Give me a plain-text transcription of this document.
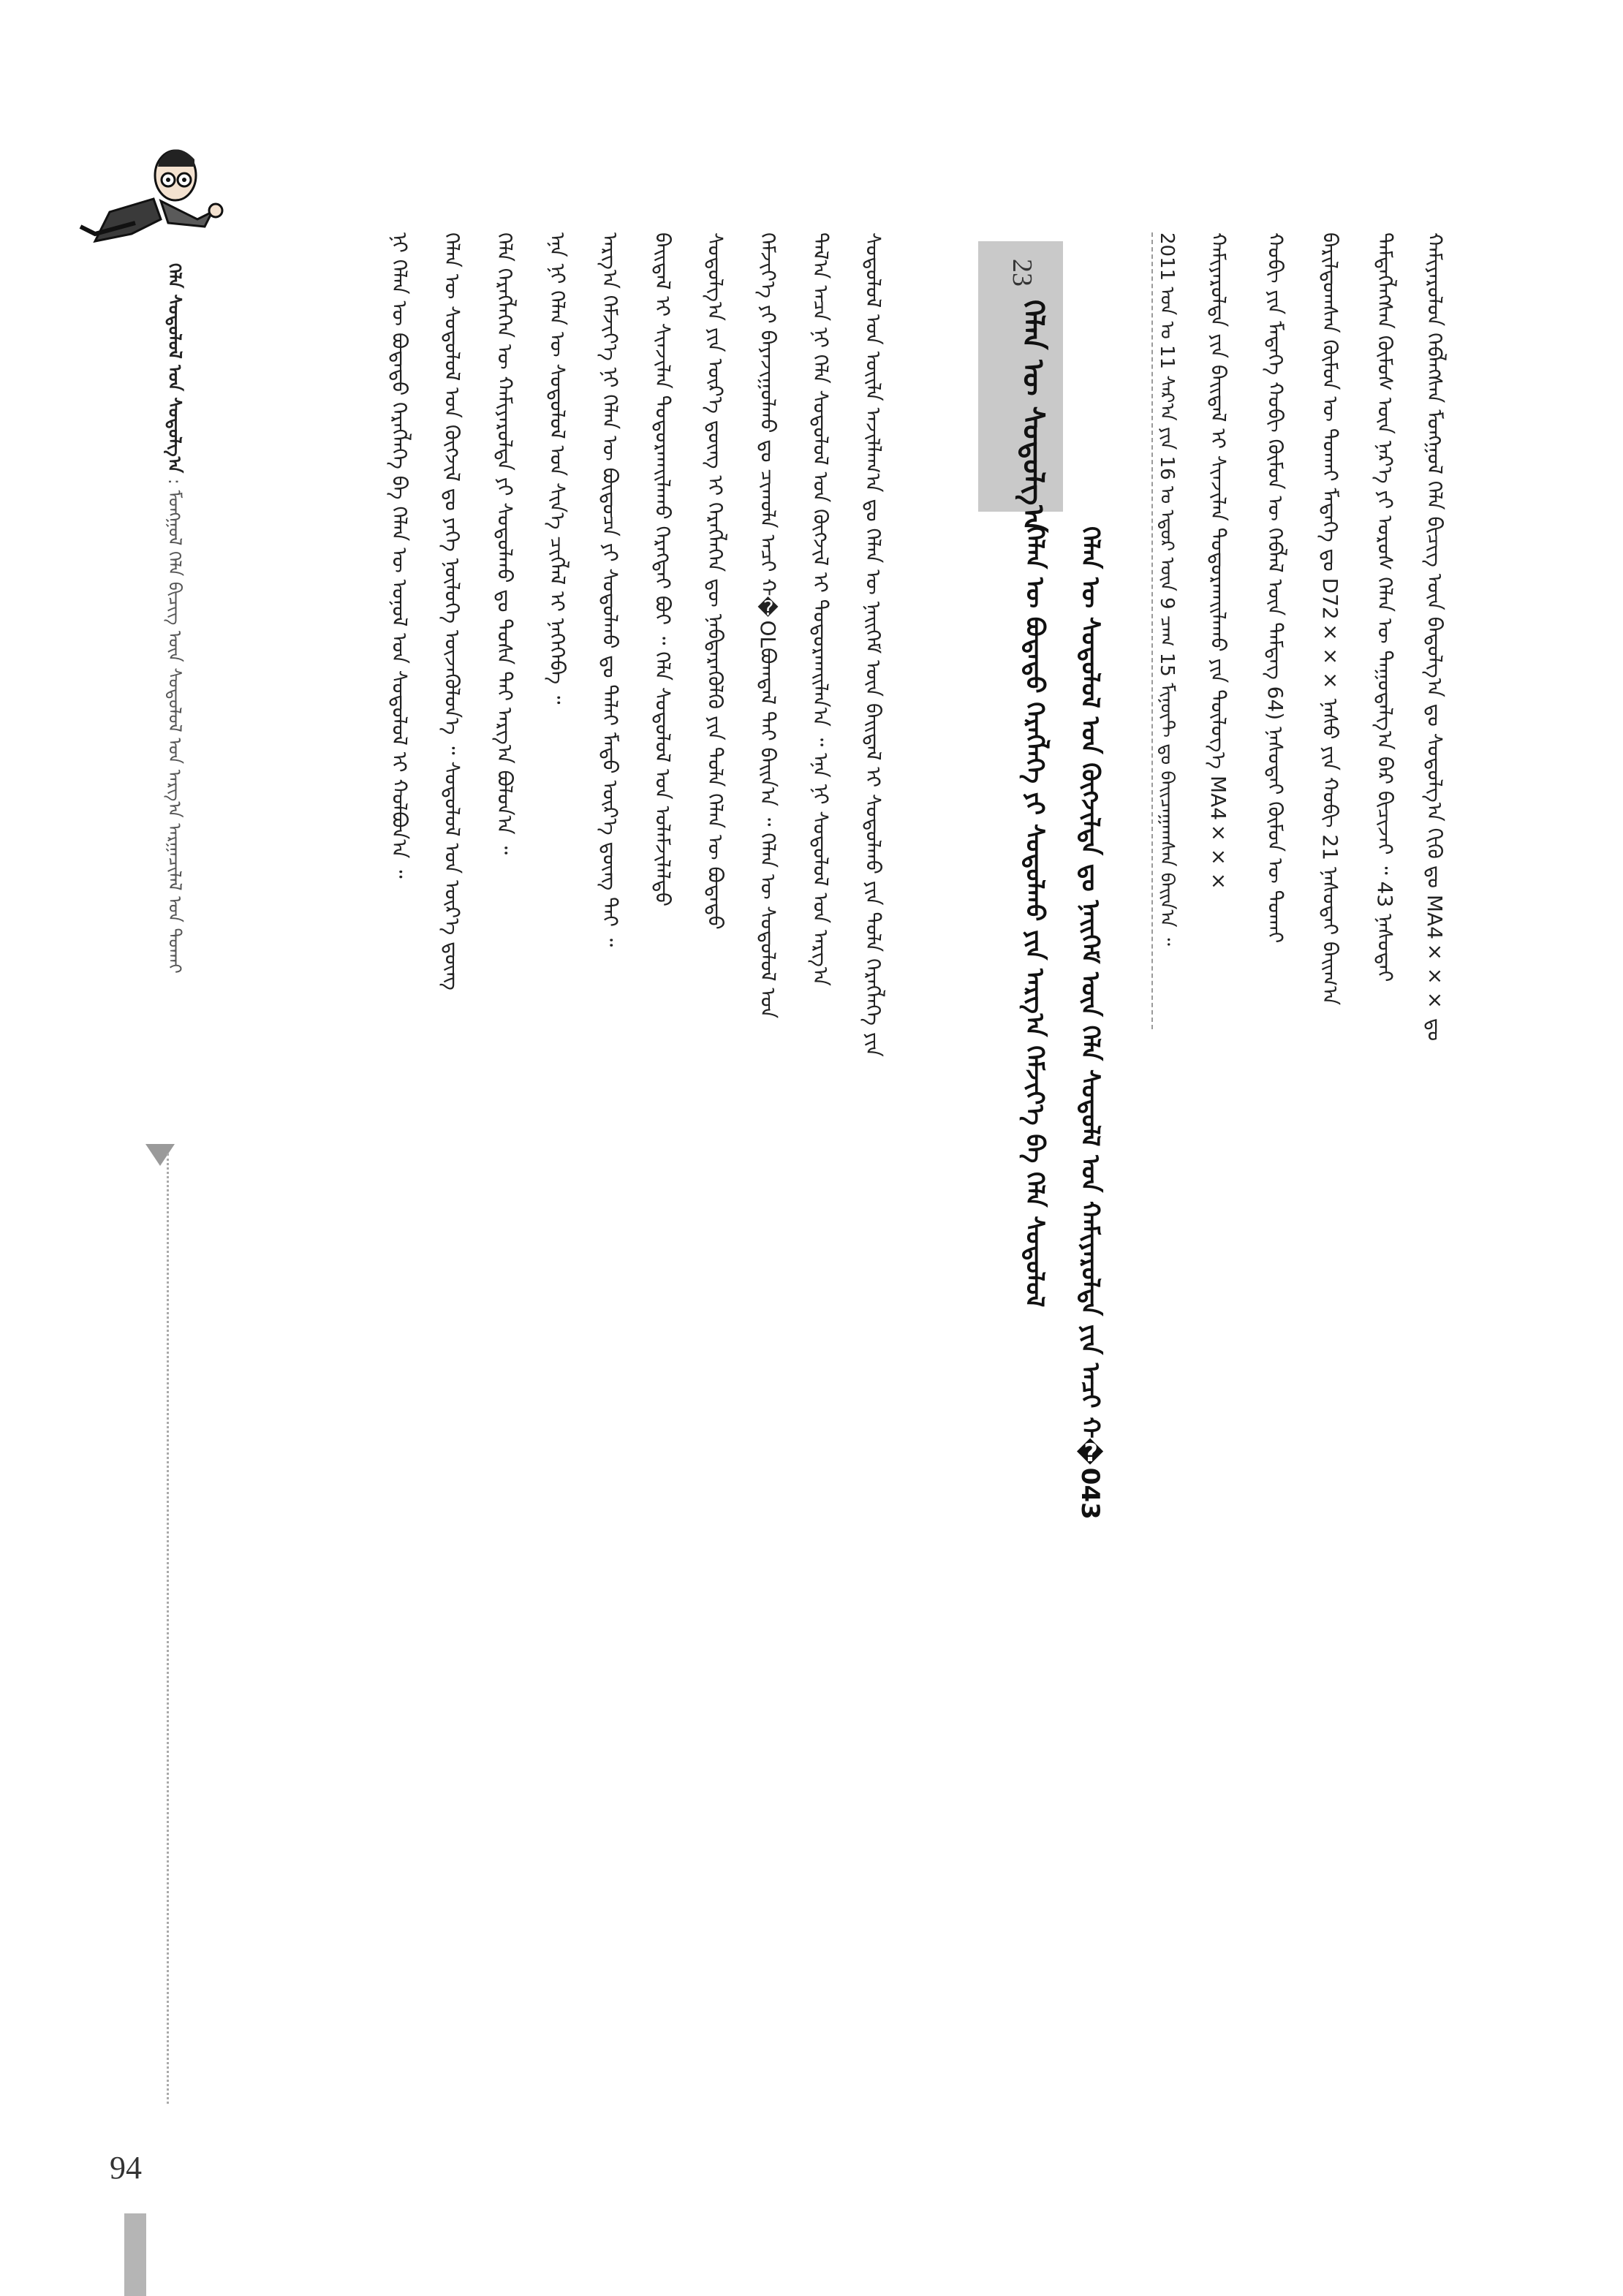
ᠬᠠᠮᠢᠶᠠᠷᠤᠯᠤᠨ ᠬᠡᠪᠯᠡᠭᠰᠡᠨ ᠮᠣᠩᠭᠣᠯ ᠬᠡᠯᠡ ᠪᠢᠴᠢᠭ ᠦᠨ ᠪᠠᠳᠤᠯᠭ᠎ᠠ ᠳᠤ ᠰᠤᠳᠤᠯᠭ᠎ᠠ ᠬᠢᠬᠦ ᠳᠤ MA4××× ᠳᠤ
ᠲᠡᠮᠳᠡᠭᠯᠡᠭᠰᠡᠨ ᠬᠦᠮᠦᠰ ᠦᠨ ᠨᠡᠷ᠎ᠡ ᠶᠢ ᠤᠷᠤᠰ ᠬᠡᠯᠡᠨ ᠦ ᠳᠠᠭᠤᠳᠠᠯᠭ᠎ᠠ ᠪᠠᠷ ᠪᠢᠴᠢᠵᠡᠢ ᠃ 43 ᠨᠠᠰᠤᠲᠠᠢ
ᠪᠠᠷᠢᠯᠳᠤᠭᠰᠠᠨ ᠬᠦᠮᠦᠨ ᠦ ᠲᠤᠬᠠᠢ ᠮᠡᠳᠡᠭᠡ ᠳᠤ D72××× ᠨᠠᠰᠤ ᠶᠢᠨ ᠬᠤᠪᠢ 21 ᠨᠠᠰᠤᠲᠠᠢ ᠪᠠᠢᠭ᠎ᠠ
ᠬᠤᠪᠢ ᠶᠢᠨ ᠮᠡᠳᠡᠭᠡ ᠬᠤᠪᠢ ᠬᠦᠮᠦᠨ ᠦ ᠬᠡᠪᠯᠡᠯ ᠦᠨ ᠲᠡᠮᠳᠡᠭ 64) ᠨᠠᠰᠤᠲᠠᠢ ᠬᠦᠮᠦᠨ ᠦ ᠲᠤᠬᠠᠢ
ᠬᠠᠮᠢᠶᠠᠷᠤᠯᠲᠠ ᠶᠢᠨ ᠪᠠᠢᠳᠠᠯ ᠢ ᠰᠢᠨᠵᠢᠯᠡᠨ ᠲᠣᠳᠤᠷᠬᠠᠢᠯᠠᠬᠤ ᠶᠢᠨ ᠲᠥᠯᠥᠭ᠎ᠡ MA4×××
2011 ᠣᠨ ᠤ 11 ᠰᠠᠷ᠎ᠠ ᠶᠢᠨ 16 ᠤ ᠡᠳᠦᠷ ᠦᠨ 9 ᠴᠠᠭ 15 ᠮᠢᠨᠦ᠋ᠲ ᠳᠤ ᠪᠠᠢᠴᠠᠭᠠᠭᠰᠠᠨ ᠪᠠᠢᠨ᠎ᠠ ᠃
ᠬᠡᠯᠡᠨ ᠦ ᠰᠤᠳᠤᠯᠤᠯ ᠤᠨ ᠬᠥᠭᠵᠢᠯᠲᠡ ᠳᠤ ᠨᠡᠢᠭᠡᠮ ᠦᠨ ᠬᠡᠯᠡ ᠰᠤᠳᠤᠯᠯ ᠤᠨ ᠬᠠᠮᠢᠶᠠᠷᠤᠯᠲᠠ ᠶᠢᠨ ᠠᠴᠢ ᠬ�043
ᠬᠡᠯᠡᠨ ᠦ ᠪᠣᠳᠠᠲᠤ ᠬᠡᠷᠡᠭᠯᠡᠭᠡ ᠶᠢ ᠰᠤᠳᠤᠯᠬᠤ ᠶᠢᠨ ᠠᠷᠭ᠎ᠠ ᠬᠡᠮᠵᠢᠶ᠎ᠡ ᠪᠠ ᠬᠡᠯᠡ ᠰᠤᠳᠤᠯᠤᠯ
23
ᠬᠡᠯᠡᠨ ᠦ ᠰᠤᠳᠤᠯᠭ᠎ᠠ
ᠰᠤᠳᠤᠯᠤᠯ ᠤᠨ ᠦᠢᠯᠡ ᠠᠵᠢᠯᠯᠠᠭ᠎ᠠ ᠳᠤ ᠬᠡᠯᠡᠨ ᠦ ᠨᠡᠢᠭᠡᠮ ᠦᠨ ᠪᠠᠢᠳᠠᠯ ᠢ ᠰᠤᠳᠤᠯᠬᠤ ᠶᠢᠨ ᠲᠤᠯᠠ ᠬᠡᠷᠡᠭᠯᠡᠭᠡ ᠶᠢᠨ
ᠲᠠᠯ᠎ᠠ ᠠᠴᠠ ᠨᠢ ᠬᠡᠯᠡ ᠰᠤᠳᠤᠯᠤᠯ ᠤᠨ ᠬᠥᠭᠵᠢᠯ ᠢ ᠲᠣᠳᠤᠷᠬᠠᠢᠯᠠᠨ᠎ᠠ ᠃ ᠡᠨᠡ ᠨᠢ ᠰᠤᠳᠤᠯᠤᠯ ᠤᠨ ᠠᠷᠭ᠎ᠠ
ᠬᠡᠮᠵᠢᠶ᠎ᠡ ᠶᠢ ᠪᠠᠶᠠᠵᠢᠭᠤᠯᠬᠤ ᠳᠤ ᠴᠢᠬᠤᠯᠠ ᠠᠴᠢ ᠬ�OLᠪᠣᠭᠳᠠᠯ ᠲᠠᠢ ᠪᠠᠢᠨ᠎ᠠ ᠃ ᠬᠡᠯᠡᠨ ᠦ ᠰᠤᠳᠤᠯᠤᠯ ᠤᠨ
ᠰᠤᠳᠤᠯᠭ᠎ᠠ ᠶᠢᠨ ᠦᠷ᠎ᠡ ᠳ᠋ᠦᠩ ᠢ ᠬᠡᠷᠡᠭᠯᠡᠭᠡᠨ ᠳᠦ ᠨᠡᠪᠲᠡᠷᠡᠭᠦᠯᠬᠦ ᠶᠢᠨ ᠲᠤᠯᠠ ᠬᠡᠯᠡᠨ ᠦ ᠪᠣᠳᠠᠲᠤ
ᠪᠠᠢᠳᠠᠯ ᠢ ᠰᠢᠨᠵᠢᠯᠡᠨ ᠲᠣᠳᠤᠷᠬᠠᠢᠯᠠᠬᠤ ᠬᠡᠷᠡᠭᠲᠡᠢ ᠪᠤᠢ ᠃ ᠬᠡᠯᠡ ᠰᠤᠳᠤᠯᠤᠯ ᠤᠨ ᠤᠯᠠᠮᠵᠢᠯᠠᠯᠲᠤ
ᠠᠷᠭ᠎ᠠ ᠬᠡᠮᠵᠢᠶ᠎ᠡ ᠨᠢ ᠬᠡᠯᠡᠨ ᠦ ᠪᠦᠲᠦᠴᠡ ᠶᠢ ᠰᠤᠳᠤᠯᠬᠤ ᠳᠤ ᠳᠠᠯᠠᠢ ᠮᠡᠲᠦ ᠦᠷ᠎ᠡ ᠳ᠋ᠦᠩ ᠲᠠᠢ ᠃
ᠡᠨᠡ ᠨᠢ ᠬᠡᠯᠡᠨ ᠦ ᠰᠤᠳᠤᠯᠤᠯ ᠤᠨ ᠰᠢᠨ᠎ᠡ ᠴᠢᠭᠯᠡᠯ ᠢ ᠨᠡᠭᠡᠭᠡᠪᠡ ᠃
ᠬᠡᠯᠡ ᠬᠡᠷᠡᠭᠯᠡᠭᠡᠨ ᠦ ᠬᠠᠮᠢᠶᠠᠷᠤᠯᠲᠠ ᠶᠢ ᠰᠤᠳᠤᠯᠬᠤ ᠳᠤ ᠲᠤᠰᠠ ᠲᠠᠢ ᠠᠷᠭ᠎ᠠ ᠪᠣᠯᠤᠨ᠎ᠠ ᠃
ᠬᠡᠯᠡᠨ ᠦ ᠰᠤᠳᠤᠯᠤᠯ ᠤᠨ ᠬᠥᠭᠵᠢᠯ ᠳᠤ ᠶᠡᠬᠡ ᠨᠥᠯᠥᠭᠡ ᠦᠵᠡᠭᠦᠯᠦᠨ᠎ᠡ ᠃ ᠰᠤᠳᠤᠯᠤᠯ ᠤᠨ ᠦᠷ᠎ᠡ ᠳ᠋ᠦᠩ
ᠨᠢ ᠬᠡᠯᠡᠨ ᠦ ᠪᠣᠳᠠᠲᠤ ᠬᠡᠷᠡᠭᠯᠡᠭᠡ ᠪᠠ ᠬᠡᠯᠡᠨ ᠦ ᠣᠨᠣᠯ ᠤᠨ ᠰᠤᠳᠤᠯᠤᠯ ᠢ ᠬᠣᠯᠪᠣᠨ᠎ᠠ ᠃
ᠬᠡᠯᠡ ᠰᠤᠳᠤᠯᠤᠯ ᠤᠨ ᠰᠤᠳᠤᠯᠭ᠎ᠠ : ᠮᠣᠩᠭᠣᠯ ᠬᠡᠯᠡ ᠪᠢᠴᠢᠭ ᠦᠨ ᠰᠤᠳᠤᠯᠤᠯ ᠤᠨ ᠠᠷᠭ᠎ᠠ ᠠᠷᠭᠠᠴᠢᠯᠠᠯ ᠤᠨ ᠲᠤᠬᠠᠢ
94
